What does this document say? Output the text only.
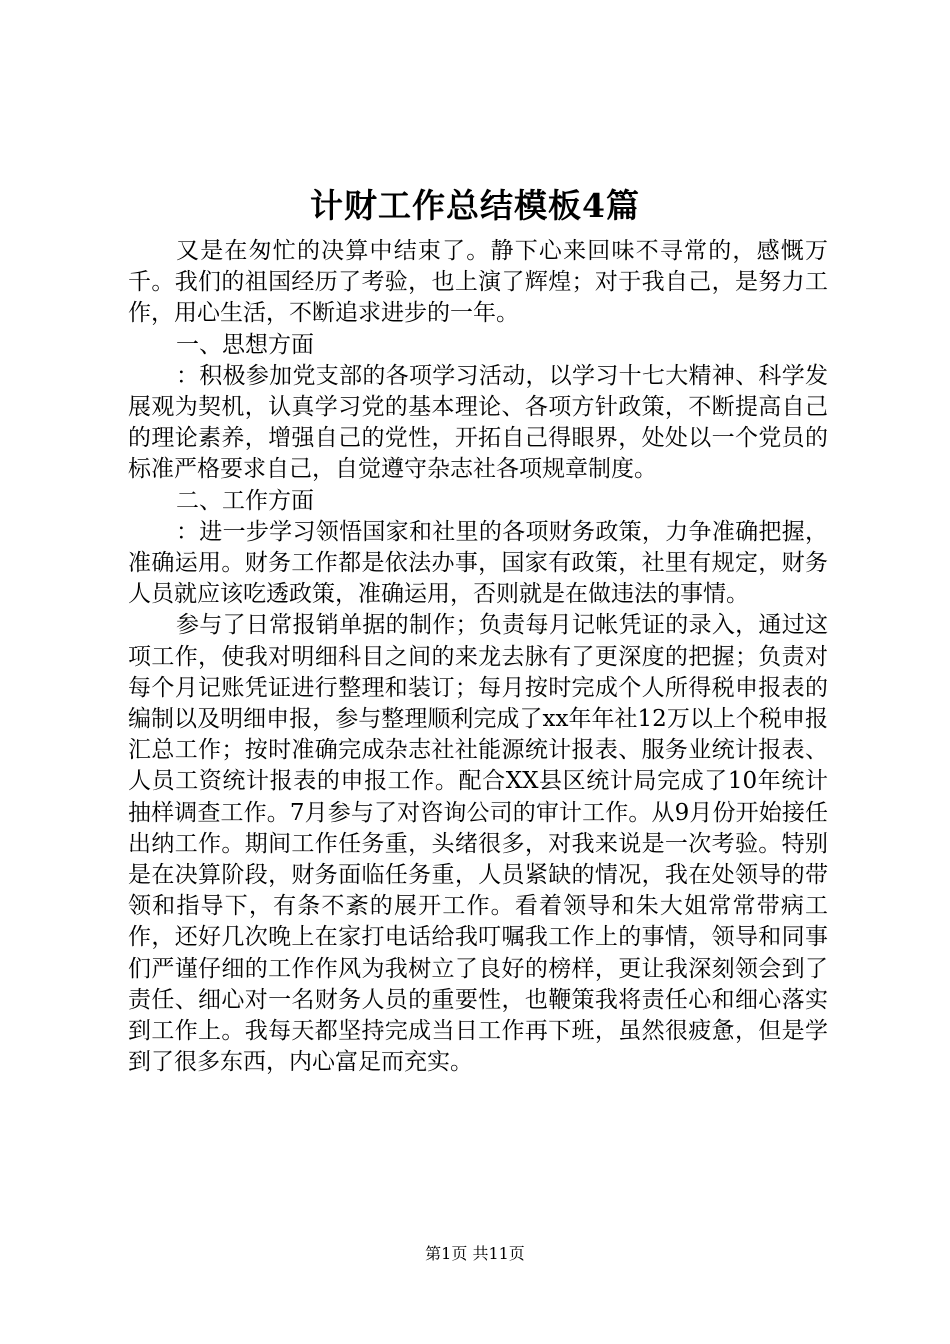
计财工作总结模板4篇

又是在匆忙的决算中结束了。静下心来回味不寻常的，感慨万千。我们的祖国经历了考验，也上演了辉煌；对于我自己，是努力工作，用心生活，不断追求进步的一年。

一、思想方面

：积极参加党支部的各项学习活动，以学习十七大精神、科学发展观为契机，认真学习党的基本理论、各项方针政策，不断提高自己的理论素养，增强自己的党性，开拓自己得眼界，处处以一个党员的标准严格要求自己，自觉遵守杂志社各项规章制度。

二、工作方面

：进一步学习领悟国家和社里的各项财务政策，力争准确把握，准确运用。财务工作都是依法办事，国家有政策，社里有规定，财务人员就应该吃透政策，准确运用，否则就是在做违法的事情。

参与了日常报销单据的制作；负责每月记帐凭证的录入，通过这项工作，使我对明细科目之间的来龙去脉有了更深度的把握；负责对每个月记账凭证进行整理和装订；每月按时完成个人所得税申报表的编制以及明细申报，参与整理顺利完成了xx年年社12万以上个税申报汇总工作；按时准确完成杂志社社能源统计报表、服务业统计报表、人员工资统计报表的申报工作。配合XX县区统计局完成了10年统计抽样调查工作。7月参与了对咨询公司的审计工作。从9月份开始接任出纳工作。期间工作任务重，头绪很多，对我来说是一次考验。特别是在决算阶段，财务面临任务重，人员紧缺的情况，我在处领导的带领和指导下，有条不紊的展开工作。看着领导和朱大姐常常带病工作，还好几次晚上在家打电话给我叮嘱我工作上的事情，领导和同事们严谨仔细的工作作风为我树立了良好的榜样，更让我深刻领会到了责任、细心对一名财务人员的重要性，也鞭策我将责任心和细心落实到工作上。我每天都坚持完成当日工作再下班，虽然很疲惫，但是学到了很多东西，内心富足而充实。

第1页 共11页
